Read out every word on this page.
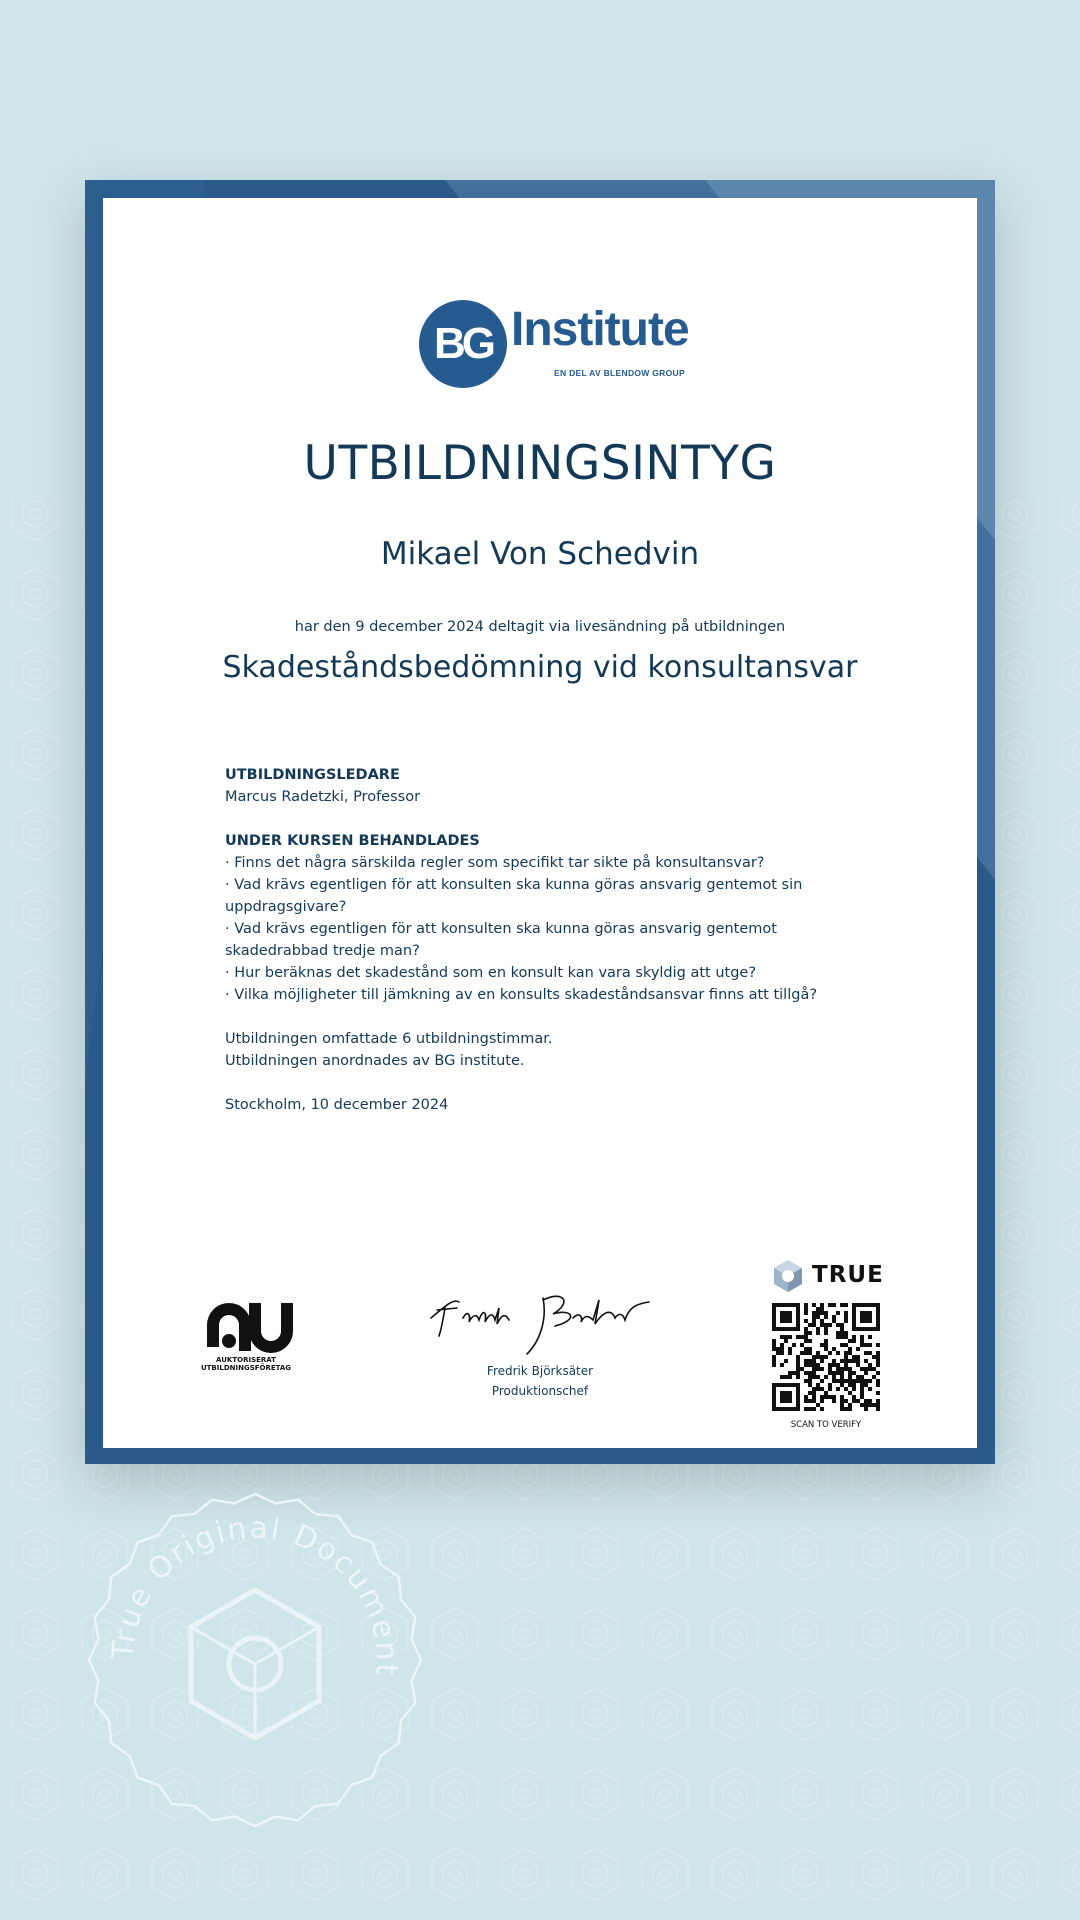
BG Institute
EN DEL AV BLENDOW GROUP
UTBILDNINGSINTYG
Mikael Von Schedvin
har den 9 december 2024 deltagit via livesändning på utbildningen
Skadeståndsbedömning vid konsultansvar
UTBILDNINGSLEDARE
Marcus Radetzki, Professor
UNDER KURSEN BEHANDLADES
· Finns det några särskilda regler som specifikt tar sikte på konsultansvar?
· Vad krävs egentligen för att konsulten ska kunna göras ansvarig gentemot sin uppdragsgivare?
· Vad krävs egentligen för att konsulten ska kunna göras ansvarig gentemot skadedrabbad tredje man?
· Hur beräknas det skadestånd som en konsult kan vara skyldig att utge?
· Vilka möjligheter till jämkning av en konsults skadeståndsansvar finns att tillgå?
Utbildningen omfattade 6 utbildningstimmar.
Utbildningen anordnades av BG institute.
Stockholm, 10 december 2024
AUKTORISERAT
UTBILDNINGSFÖRETAG	Fredrik Björksäter
Produktionschef
TRUE
SCAN TO VERIFY
True Original Document
